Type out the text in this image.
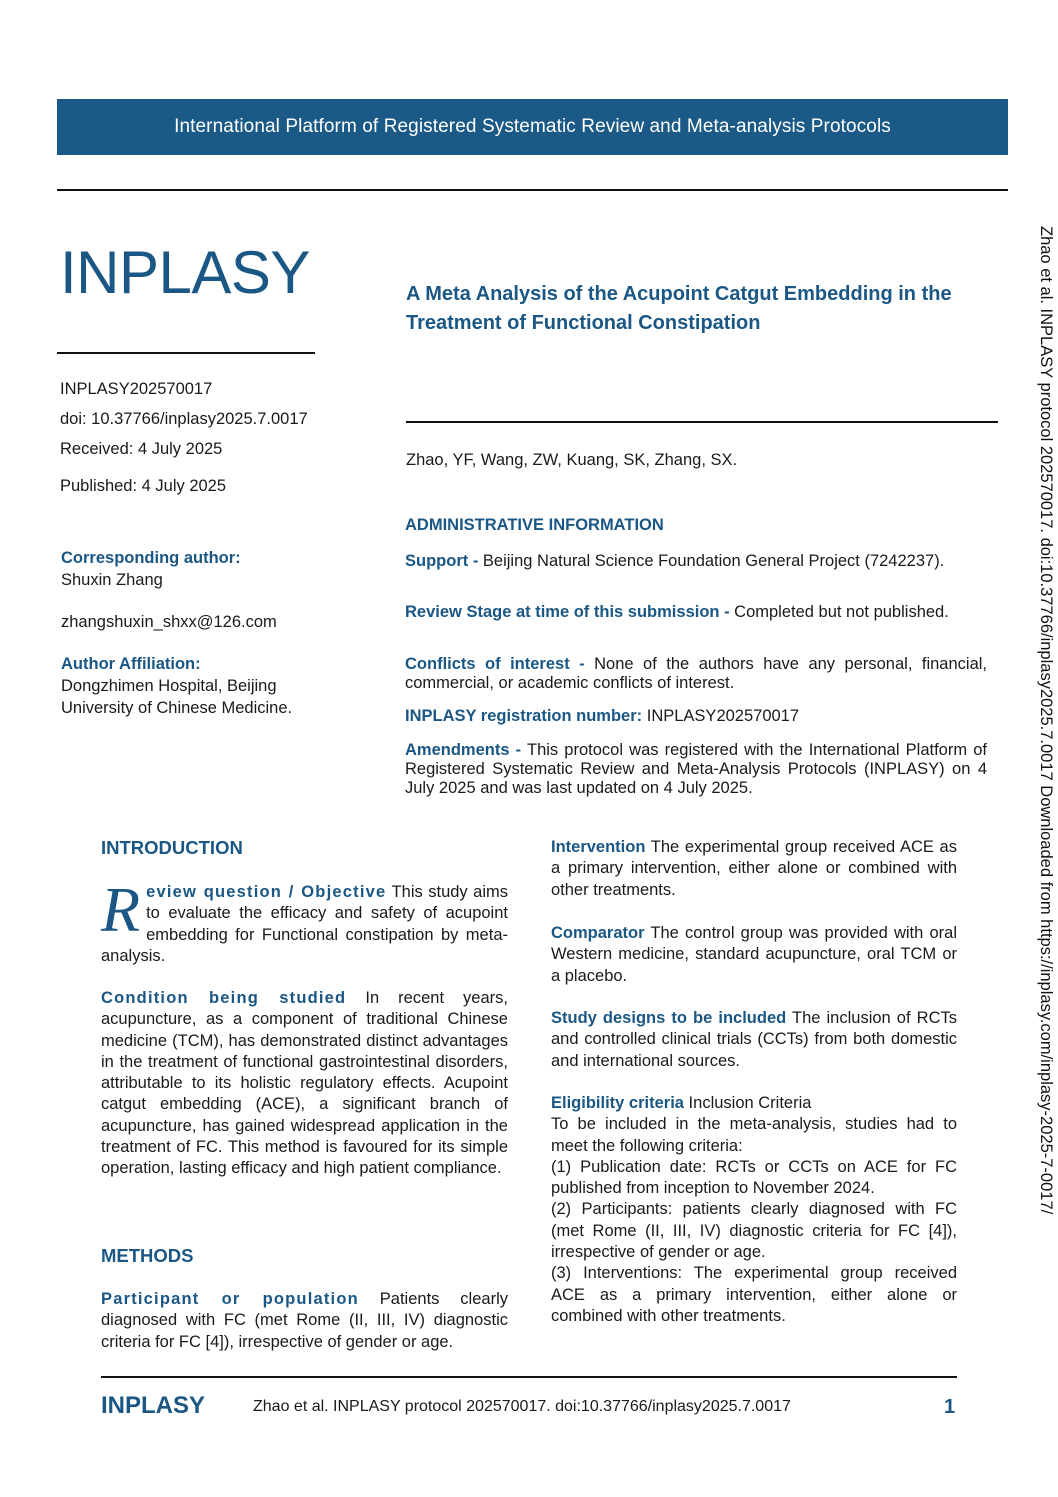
International Platform of Registered Systematic Review and Meta-analysis Protocols
INPLASY	A Meta Analysis of the Acupoint Catgut Embedding in the Treatment of Functional Constipation
INPLASY202570017
doi: 10.37766/inplasy2025.7.0017
Received: 4 July 2025
Published: 4 July 2025
Zhao, YF, Wang, ZW, Kuang, SK, Zhang, SX.
Corresponding author:
Shuxin Zhang
zhangshuxin_shxx@126.com
Author Affiliation:
Dongzhimen Hospital, Beijing University of Chinese Medicine.
ADMINISTRATIVE INFORMATION
Support - Beijing Natural Science Foundation General Project (7242237).
Review Stage at time of this submission - Completed but not published.
Conflicts of interest - None of the authors have any personal, financial, commercial, or academic conflicts of interest.
INPLASY registration number: INPLASY202570017
Amendments - This protocol was registered with the International Platform of Registered Systematic Review and Meta-Analysis Protocols (INPLASY) on 4 July 2025 and was last updated on 4 July 2025.
INTRODUCTION
Review question / Objective This study aims to evaluate the efficacy and safety of acupoint embedding for Functional constipation by meta-analysis.
Condition being studied In recent years, acupuncture, as a component of traditional Chinese medicine (TCM), has demonstrated distinct advantages in the treatment of functional gastrointestinal disorders, attributable to its holistic regulatory effects. Acupoint catgut embedding (ACE), a significant branch of acupuncture, has gained widespread application in the treatment of FC. This method is favoured for its simple operation, lasting efficacy and high patient compliance.
METHODS
Participant or population Patients clearly diagnosed with FC (met Rome (II, III, IV) diagnostic criteria for FC [4]), irrespective of gender or age.
Intervention The experimental group received ACE as a primary intervention, either alone or combined with other treatments.
Comparator The control group was provided with oral Western medicine, standard acupuncture, oral TCM or a placebo.
Study designs to be included The inclusion of RCTs and controlled clinical trials (CCTs) from both domestic and international sources.
Eligibility criteria Inclusion Criteria
To be included in the meta-analysis, studies had to meet the following criteria:
(1) Publication date: RCTs or CCTs on ACE for FC published from inception to November 2024.
(2) Participants: patients clearly diagnosed with FC (met Rome (II, III, IV) diagnostic criteria for FC [4]), irrespective of gender or age.
(3) Interventions: The experimental group received ACE as a primary intervention, either alone or combined with other treatments.
Zhao et al. INPLASY protocol 202570017. doi:10.37766/inplasy2025.7.0017 Downloaded from https://inplasy.com/inplasy-2025-7-0017/
INPLASY	Zhao et al. INPLASY protocol 202570017. doi:10.37766/inplasy2025.7.0017	1
